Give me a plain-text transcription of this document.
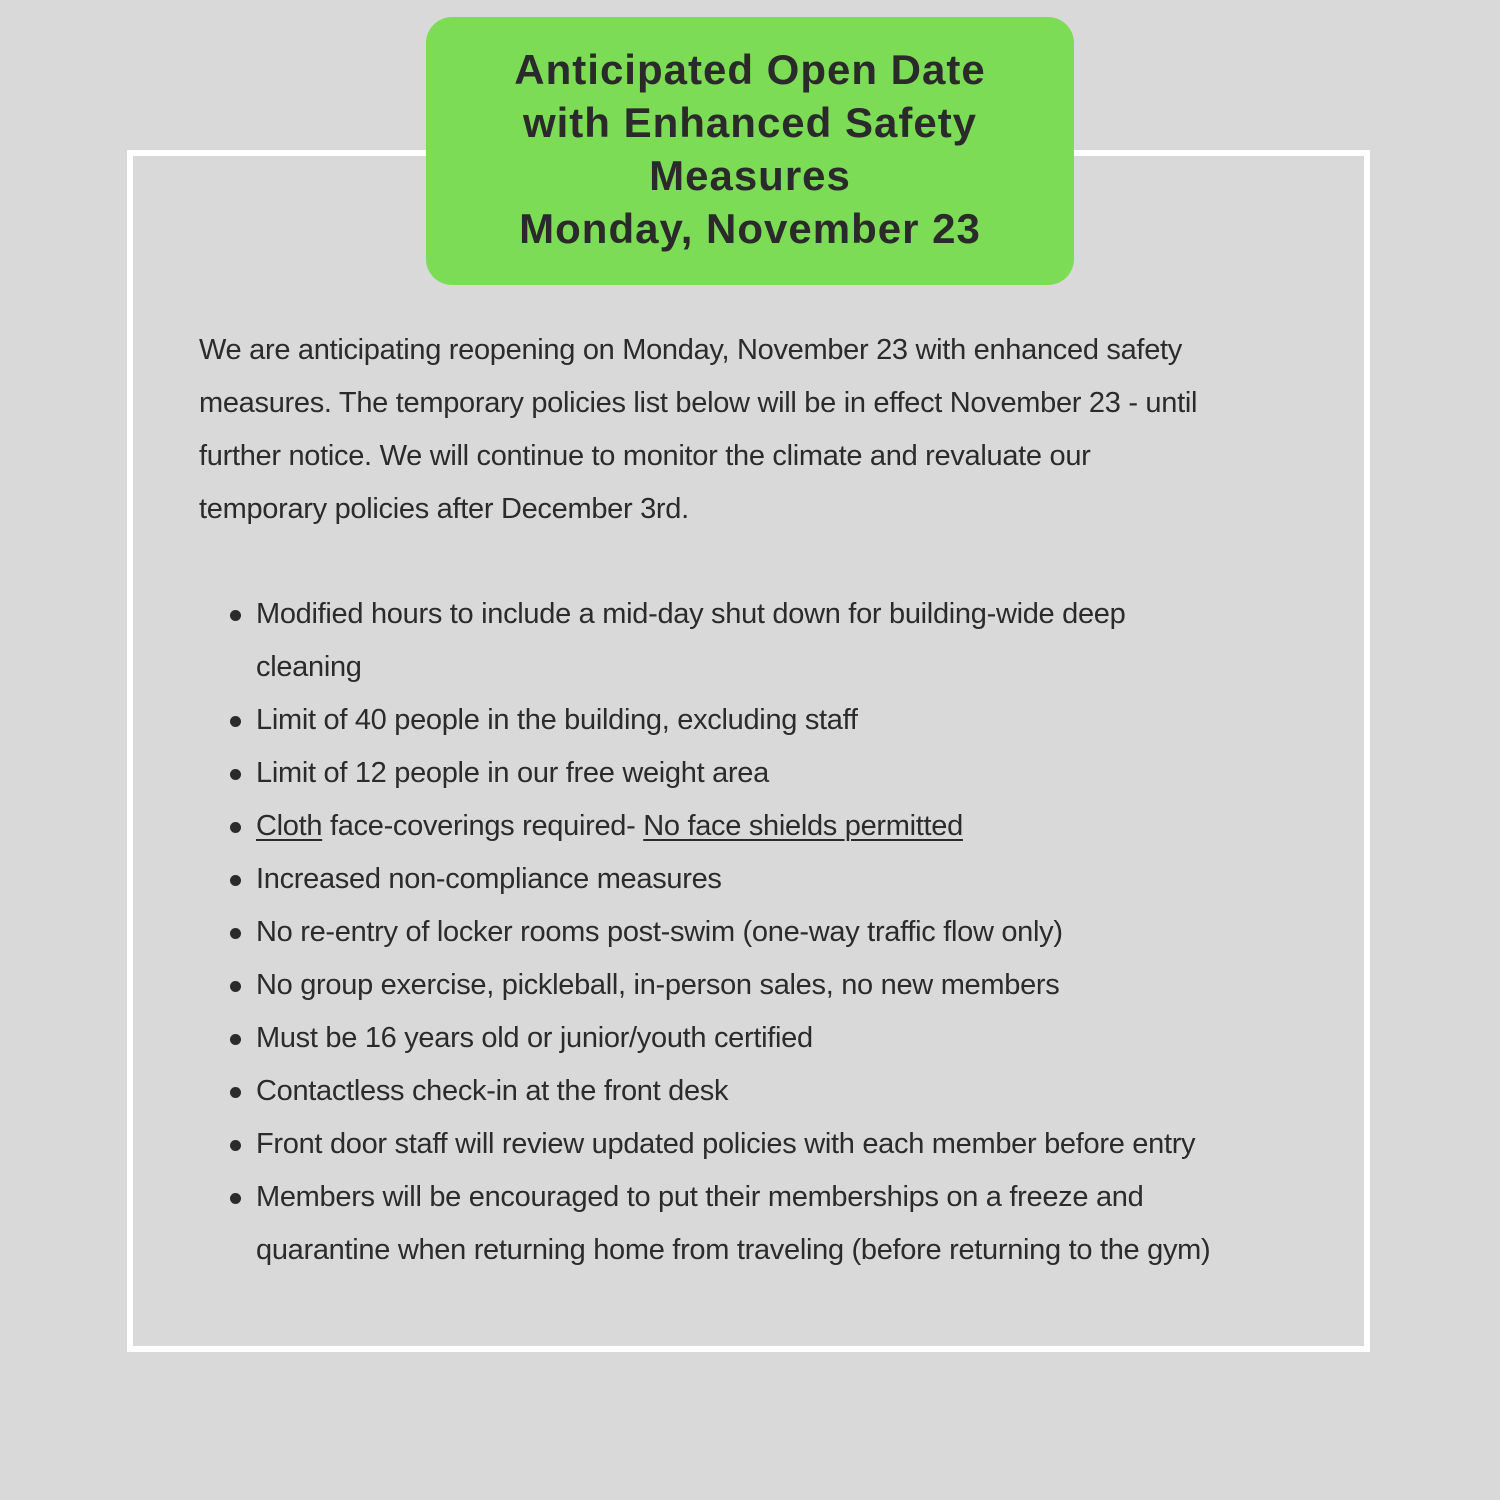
Anticipated Open Date
with Enhanced Safety
Measures
Monday, November 23

We are anticipating reopening on Monday, November 23 with enhanced safety
measures. The temporary policies list below will be in effect November 23 - until
further notice. We will continue to monitor the climate and revaluate our
temporary policies after December 3rd.

Modified hours to include a mid-day shut down for building-wide deep
cleaning
Limit of 40 people in the building, excluding staff
Limit of 12 people in our free weight area
Cloth face-coverings required- No face shields permitted
Increased non-compliance measures
No re-entry of locker rooms post-swim (one-way traffic flow only)
No group exercise, pickleball, in-person sales, no new members
Must be 16 years old or junior/youth certified
Contactless check-in at the front desk
Front door staff will review updated policies with each member before entry
Members will be encouraged to put their memberships on a freeze and
quarantine when returning home from traveling (before returning to the gym)
